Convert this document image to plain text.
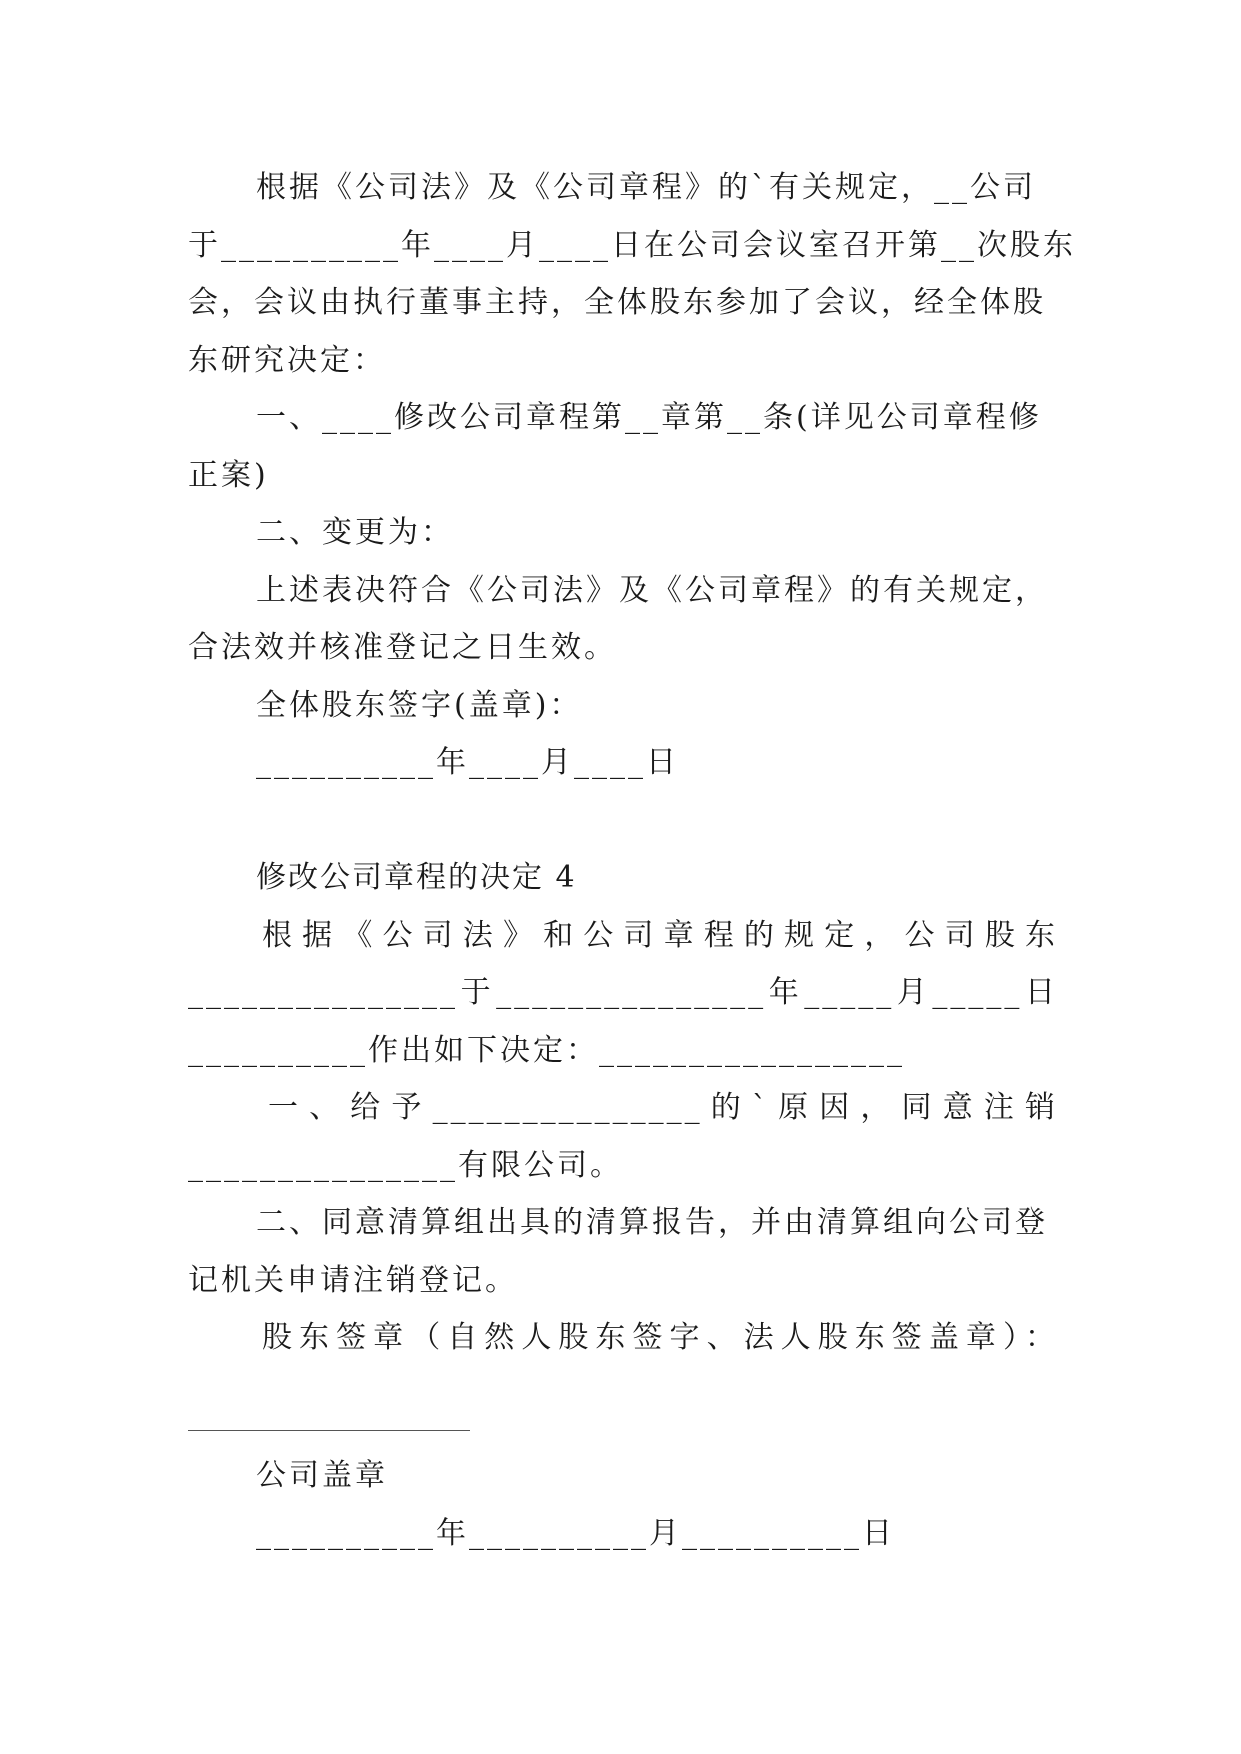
根据《公司法》及《公司章程》的`有关规定，__公司
于__________年____月____日在公司会议室召开第__次股东
会，会议由执行董事主持，全体股东参加了会议，经全体股
东研究决定：
一、____修改公司章程第__章第__条(详见公司章程修
正案)
二、变更为：
上述表决符合《公司法》及《公司章程》的有关规定，
合法效并核准登记之日生效。
全体股东签字(盖章)：
__________年____月____日
修改公司章程的决定 4
根据《公司法》和公司章程的规定，公司股东
_______________于_______________年_____月_____日
__________作出如下决定：_________________
一、给予_______________的`原因，同意注销
_______________有限公司。
二、同意清算组出具的清算报告，并由清算组向公司登
记机关申请注销登记。
股东签章（自然人股东签字、法人股东签盖章）：
公司盖章
__________年__________月__________日
